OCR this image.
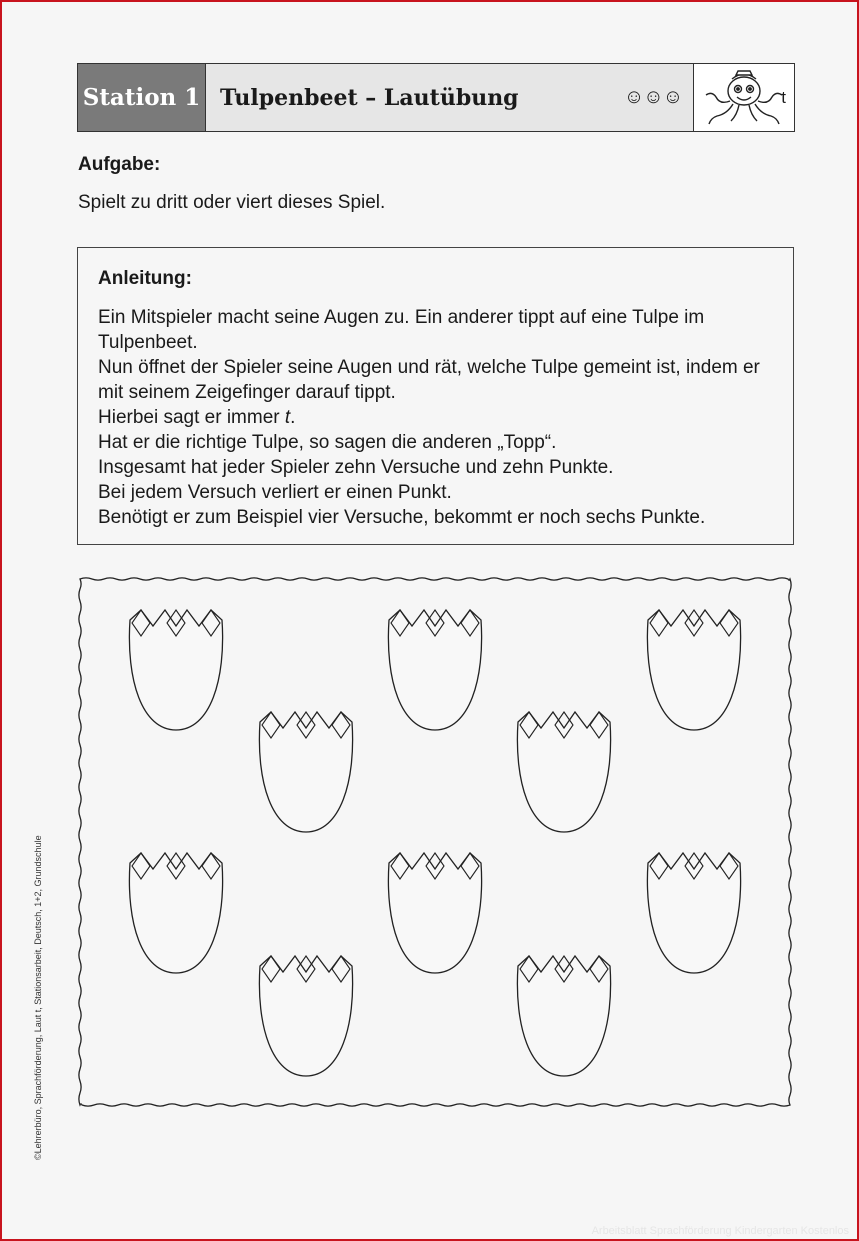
Station 1 Tulpenbeet – Lautübung	☺☺☺	t
Aufgabe:
Spielt zu dritt oder viert dieses Spiel.
Anleitung:

Ein Mitspieler macht seine Augen zu. Ein anderer tippt auf eine Tulpe im Tulpenbeet.

Nun öffnet der Spieler seine Augen und rät, welche Tulpe gemeint ist, indem er mit seinem Zeigefinger darauf tippt.

Hierbei sagt er immer t.

Hat er die richtige Tulpe, so sagen die anderen „Topp“.

Insgesamt hat jeder Spieler zehn Versuche und zehn Punkte.

Bei jedem Versuch verliert er einen Punkt.

Benötigt er zum Beispiel vier Versuche, bekommt er noch sechs Punkte.

©Lehrerbüro, Sprachförderung, Laut t, Stationsarbeit, Deutsch, 1+2, Grundschule
Arbeitsblatt Sprachförderung Kindergarten Kostenlos
